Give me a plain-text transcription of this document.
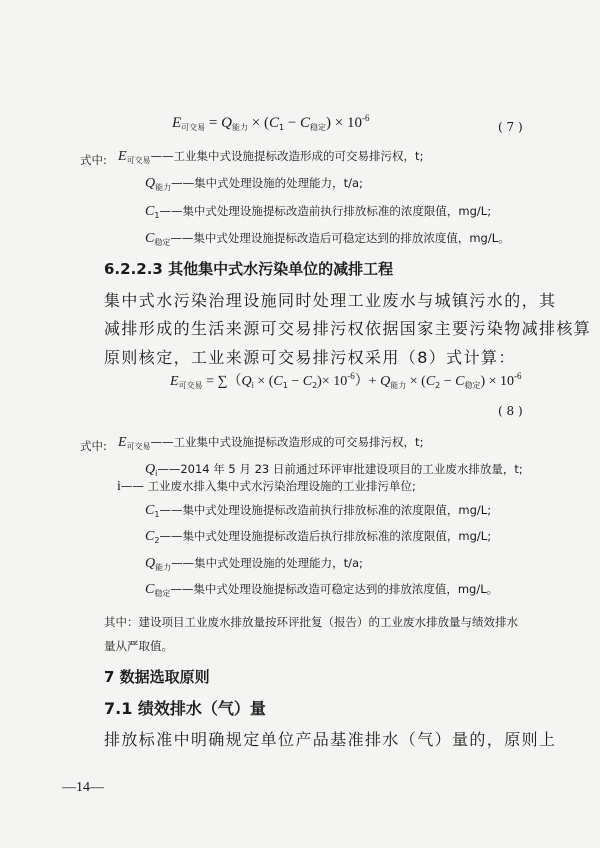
$E_{可交易} = Q_{能力} \times (C_1 - C_{稳定}) \times 10^{-6}$
( 7 )
式中: $E_{可交易}——$工业集中式设施提标改造形成的可交易排污权，t;
$Q_{能力}——$集中式处理设施的处理能力，t/a;
$C_1——$集中式处理设施提标改造前执行排放标准的浓度限值，mg/L;
$C_{稳定}——$集中式处理设施提标改造后可稳定达到的排放浓度值，mg/L。
6.2.2.3 其他集中式水污染单位的减排工程
集中式水污染治理设施同时处理工业废水与城镇污水的，其
减排形成的生活来源可交易排污权依据国家主要污染物减排核算
原则核定，工业来源可交易排污权采用（8）式计算：
$E_{可交易} = \sum(Q_i \times (C_1 - C_2)\times 10^{-6})+ Q_{能力} \times (C_2 - C_{稳定}) \times 10^{-6}$
( 8 )
式中: $E_{可交易}——$工业集中式设施提标改造形成的可交易排污权，t;
$Q_i——2014$ 年 5 月 23 日前通过环评审批建设项目的工业废水排放量，t;
i—— 工业废水排入集中式水污染治理设施的工业排污单位;
$C_1——$集中式处理设施提标改造前执行排放标准的浓度限值，mg/L;
$C_2——$集中式处理设施提标改造后执行排放标准的浓度限值，mg/L;
$Q_{能力}——$集中式处理设施的处理能力，t/a;
$C_{稳定}——$集中式处理设施提标改造可稳定达到的排放浓度值，mg/L。
其中：建设项目工业废水排放量按环评批复（报告）的工业废水排放量与绩效排水
量从严取值。
7 数据选取原则
7.1 绩效排水（气）量
排放标准中明确规定单位产品基准排水（气）量的，原则上
—14—
